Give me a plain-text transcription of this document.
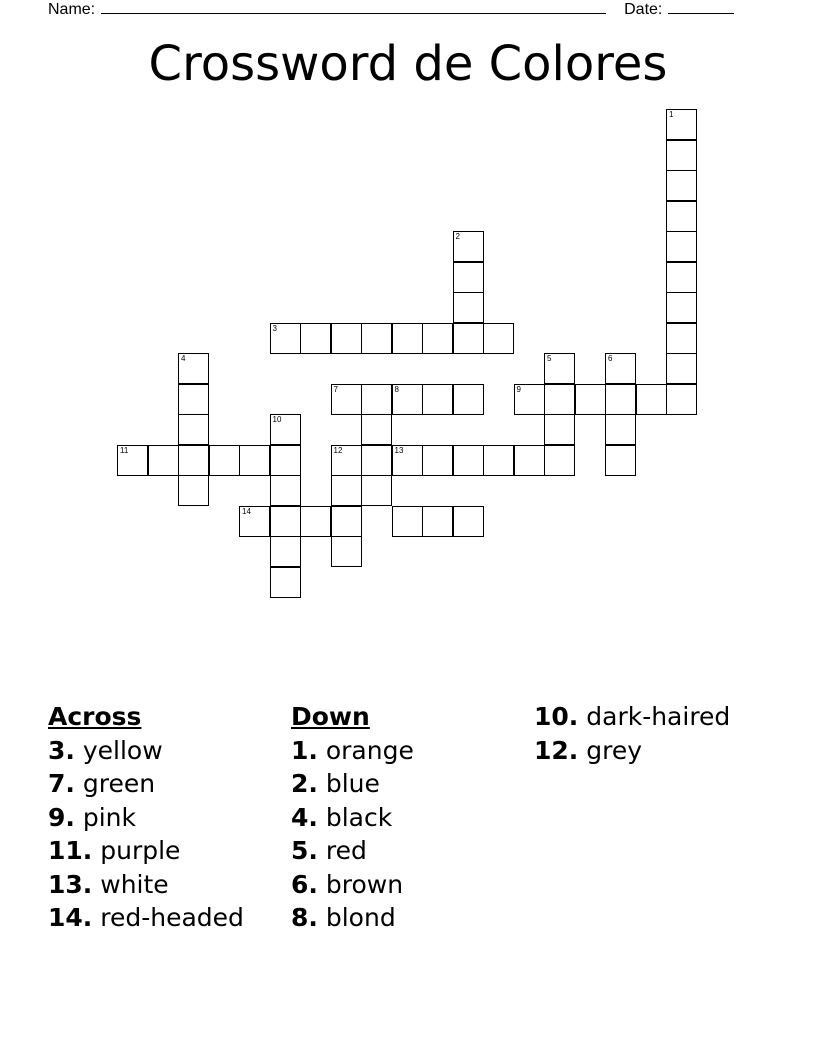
Name:	Date:
Crossword de Colores
1
2
3
4	5	6
7	8	9
10
11	12	13
14
Across
3. yellow
7. green
9. pink
11. purple
13. white
14. red-headed
Down
1. orange
2. blue
4. black
5. red
6. brown
8. blond
10. dark-haired
12. grey
